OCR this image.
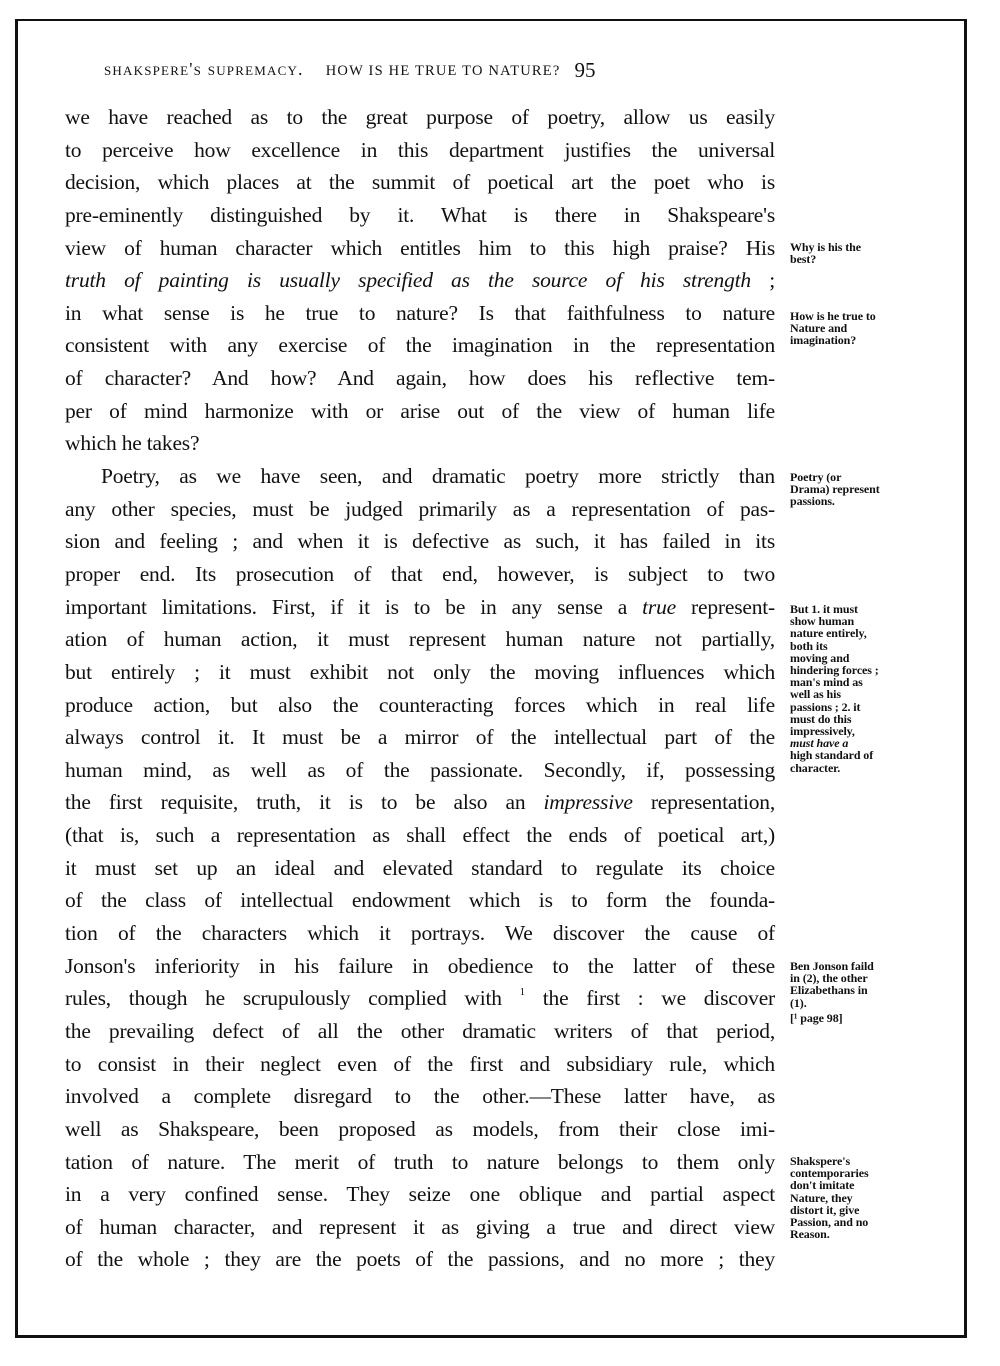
shakspere's supremacy. HOW IS HE TRUE TO NATURE? 95
we have reached as to the great purpose of poetry, allow us easily
to perceive how excellence in this department justifies the universal
decision, which places at the summit of poetical art the poet who is
pre-eminently distinguished by it. What is there in Shakspeare's
view of human character which entitles him to this high praise? His
truth of painting is usually specified as the source of his strength ;
in what sense is he true to nature? Is that faithfulness to nature
consistent with any exercise of the imagination in the representation
of character? And how? And again, how does his reflective tem-
per of mind harmonize with or arise out of the view of human life
which he takes?
Poetry, as we have seen, and dramatic poetry more strictly than
any other species, must be judged primarily as a representation of pas-
sion and feeling ; and when it is defective as such, it has failed in its
proper end. Its prosecution of that end, however, is subject to two
important limitations. First, if it is to be in any sense a true represent-
ation of human action, it must represent human nature not partially,
but entirely ; it must exhibit not only the moving influences which
produce action, but also the counteracting forces which in real life
always control it. It must be a mirror of the intellectual part of the
human mind, as well as of the passionate. Secondly, if, possessing
the first requisite, truth, it is to be also an impressive representation,
(that is, such a representation as shall effect the ends of poetical art,)
it must set up an ideal and elevated standard to regulate its choice
of the class of intellectual endowment which is to form the founda-
tion of the characters which it portrays. We discover the cause of
Jonson's inferiority in his failure in obedience to the latter of these
rules, though he scrupulously complied with $^1$ the first : we discover
the prevailing defect of all the other dramatic writers of that period,
to consist in their neglect even of the first and subsidiary rule, which
involved a complete disregard to the other.—These latter have, as
well as Shakspeare, been proposed as models, from their close imi-
tation of nature. The merit of truth to nature belongs to them only
in a very confined sense. They seize one oblique and partial aspect
of human character, and represent it as giving a true and direct view
of the whole ; they are the poets of the passions, and no more ; they
Why is his the
best?
How is he true to
Nature and
imagination?
Poetry (or
Drama) represent
passions.
But 1. it must
show human
nature entirely,
both its
moving and
hindering forces ;
man's mind as
well as his
passions ; 2. it
must do this
impressively,
must have a
high standard of
character.
Ben Jonson faild
in (2), the other
Elizabethans in
(1).
[¹ page 98]
Shakspere's
contemporaries
don't imitate
Nature, they
distort it, give
Passion, and no
Reason.
